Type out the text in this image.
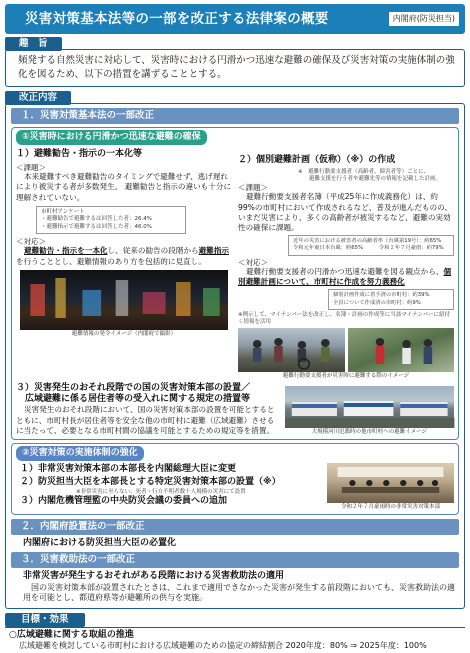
災害対策基本法等の一部を改正する法律案の概要	内閣府(防災担当)
趣　旨
頻発する自然災害に対応して、災害時における円滑かつ迅速な避難の確保及び災害対策の実施体制の強化を図るため、以下の措置を講ずることとする。
改正内容
１．災害対策基本法の一部改正
①災害時における円滑かつ迅速な避難の確保
１）避難勧告・指示の一本化等
＜課題＞
本来避難すべき避難勧告のタイミングで避難せず、逃げ遅れにより被災する者が多数発生。 避難勧告と指示の違いも十分に理解されていない。
市町村アンケート
・避難勧告で避難するは回答した者：26.4%
・避難指示で避難するは回答した者：46.0%
＜対応＞
避難勧告・指示を一本化し、従来の勧告の段階から避難指示を行うこととし、避難情報のあり方を包括的に見直し。
避難情報の発令イメージ（内閣府で撮影）
２）個別避難計画（仮称）（※）の作成
※　避難行動要支援者（高齢者、障害者等）ごとに、
　　避難支援を行う者や避難先等の情報を記載した計画。
＜課題＞
避難行動要支援者名簿（平成25年に作成義務化）は、約99%の市町村において作成されるなど、普及が進んだものの、いまだ災害により、多くの高齢者が被災するなど、避難の実効性の確保に課題。
近年の災害における被害者の高齢者率（台風第19号）：約65%
令和元年東日本台風：約65%　　　令和２年７月豪雨：約79%
＜対応＞
避難行動要支援者の円滑かつ迅速な避難を図る観点から、個別避難計画について、市町村に作成を努力義務化
個別計画作成に着手済の市町村：約39%
全員について作成済の市町村：約9%
※例示して、マイナンバー法を改正し、名簿・計画の作成等に当該マイナンバーに紐付く情報を活用
避難行動要支援者が災害時に避難する際のイメージ
３）災害発生のおそれ段階での国の災害対策本部の設置／
　広域避難に係る居住者等の受入れに関する規定の措置等
災害発生のおそれ段階において、国の災害対策本部の設置を可能とするとともに、市町村長が居住者等を安全な他の市町村に避難（広域避難）させるに当たって、必要となる市町村間の協議を可能とするための規定等を措置。	大規模河川氾濫時の他市町村への避難イメージ
②災害対策の実施体制の強化
１）非常災害対策本部の本部長を内閣総理大臣に変更
２）防災担当大臣を本部長とする特定災害対策本部の設置（※）
※非常災害に至らない、死者・行方不明者数十人規模の災害にて設置
３）内閣危機管理監の中央防災会議の委員への追加
令和２年７月豪雨時の非常災害対策本部
２．内閣府設置法の一部改正
内閣府における防災担当大臣の必置化
３．災害救助法の一部改正
非常災害が発生するおそれがある段階における災害救助法の適用
国の災害対策本部が設置されたときは、これまで適用できなかった災害が発生する前段階においても、災害救助法の適用を可能とし、都道府県等が避難所の供与を実施。
目標・効果
○広域避難に関する取組の推進
広域避難を検討している市町村における広域避難のための協定の締結割合 2020年度：80% ⇒ 2025年度：100%
